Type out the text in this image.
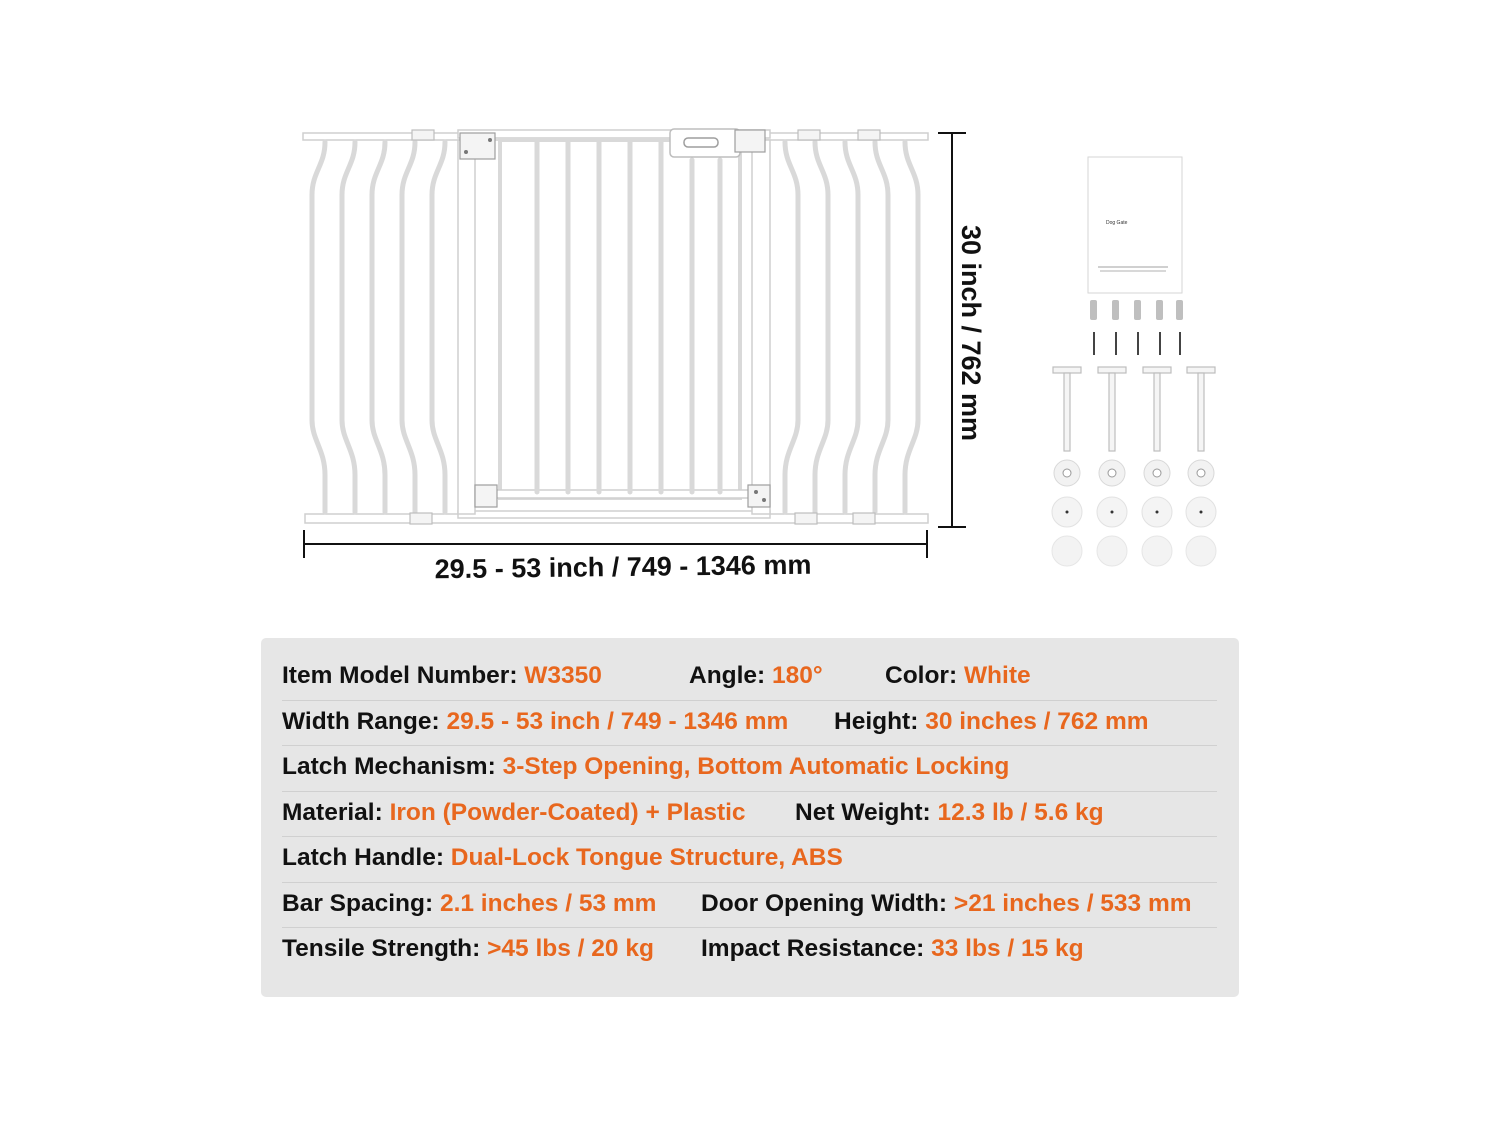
30 inch / 762 mm
29.5 - 53 inch / 749 - 1346 mm
Dog Gate
Item Model Number: W3350	Angle: 180°	Color: White
Width Range: 29.5 - 53 inch / 749 - 1346 mm Height: 30 inches / 762 mm
Latch Mechanism: 3-Step Opening, Bottom Automatic Locking
Material: Iron (Powder-Coated) + Plastic Net Weight: 12.3 lb / 5.6 kg
Latch Handle: Dual-Lock Tongue Structure, ABS
Bar Spacing: 2.1 inches / 53 mm Door Opening Width: >21 inches / 533 mm
Tensile Strength: >45 lbs / 20 kg Impact Resistance: 33 lbs / 15 kg
